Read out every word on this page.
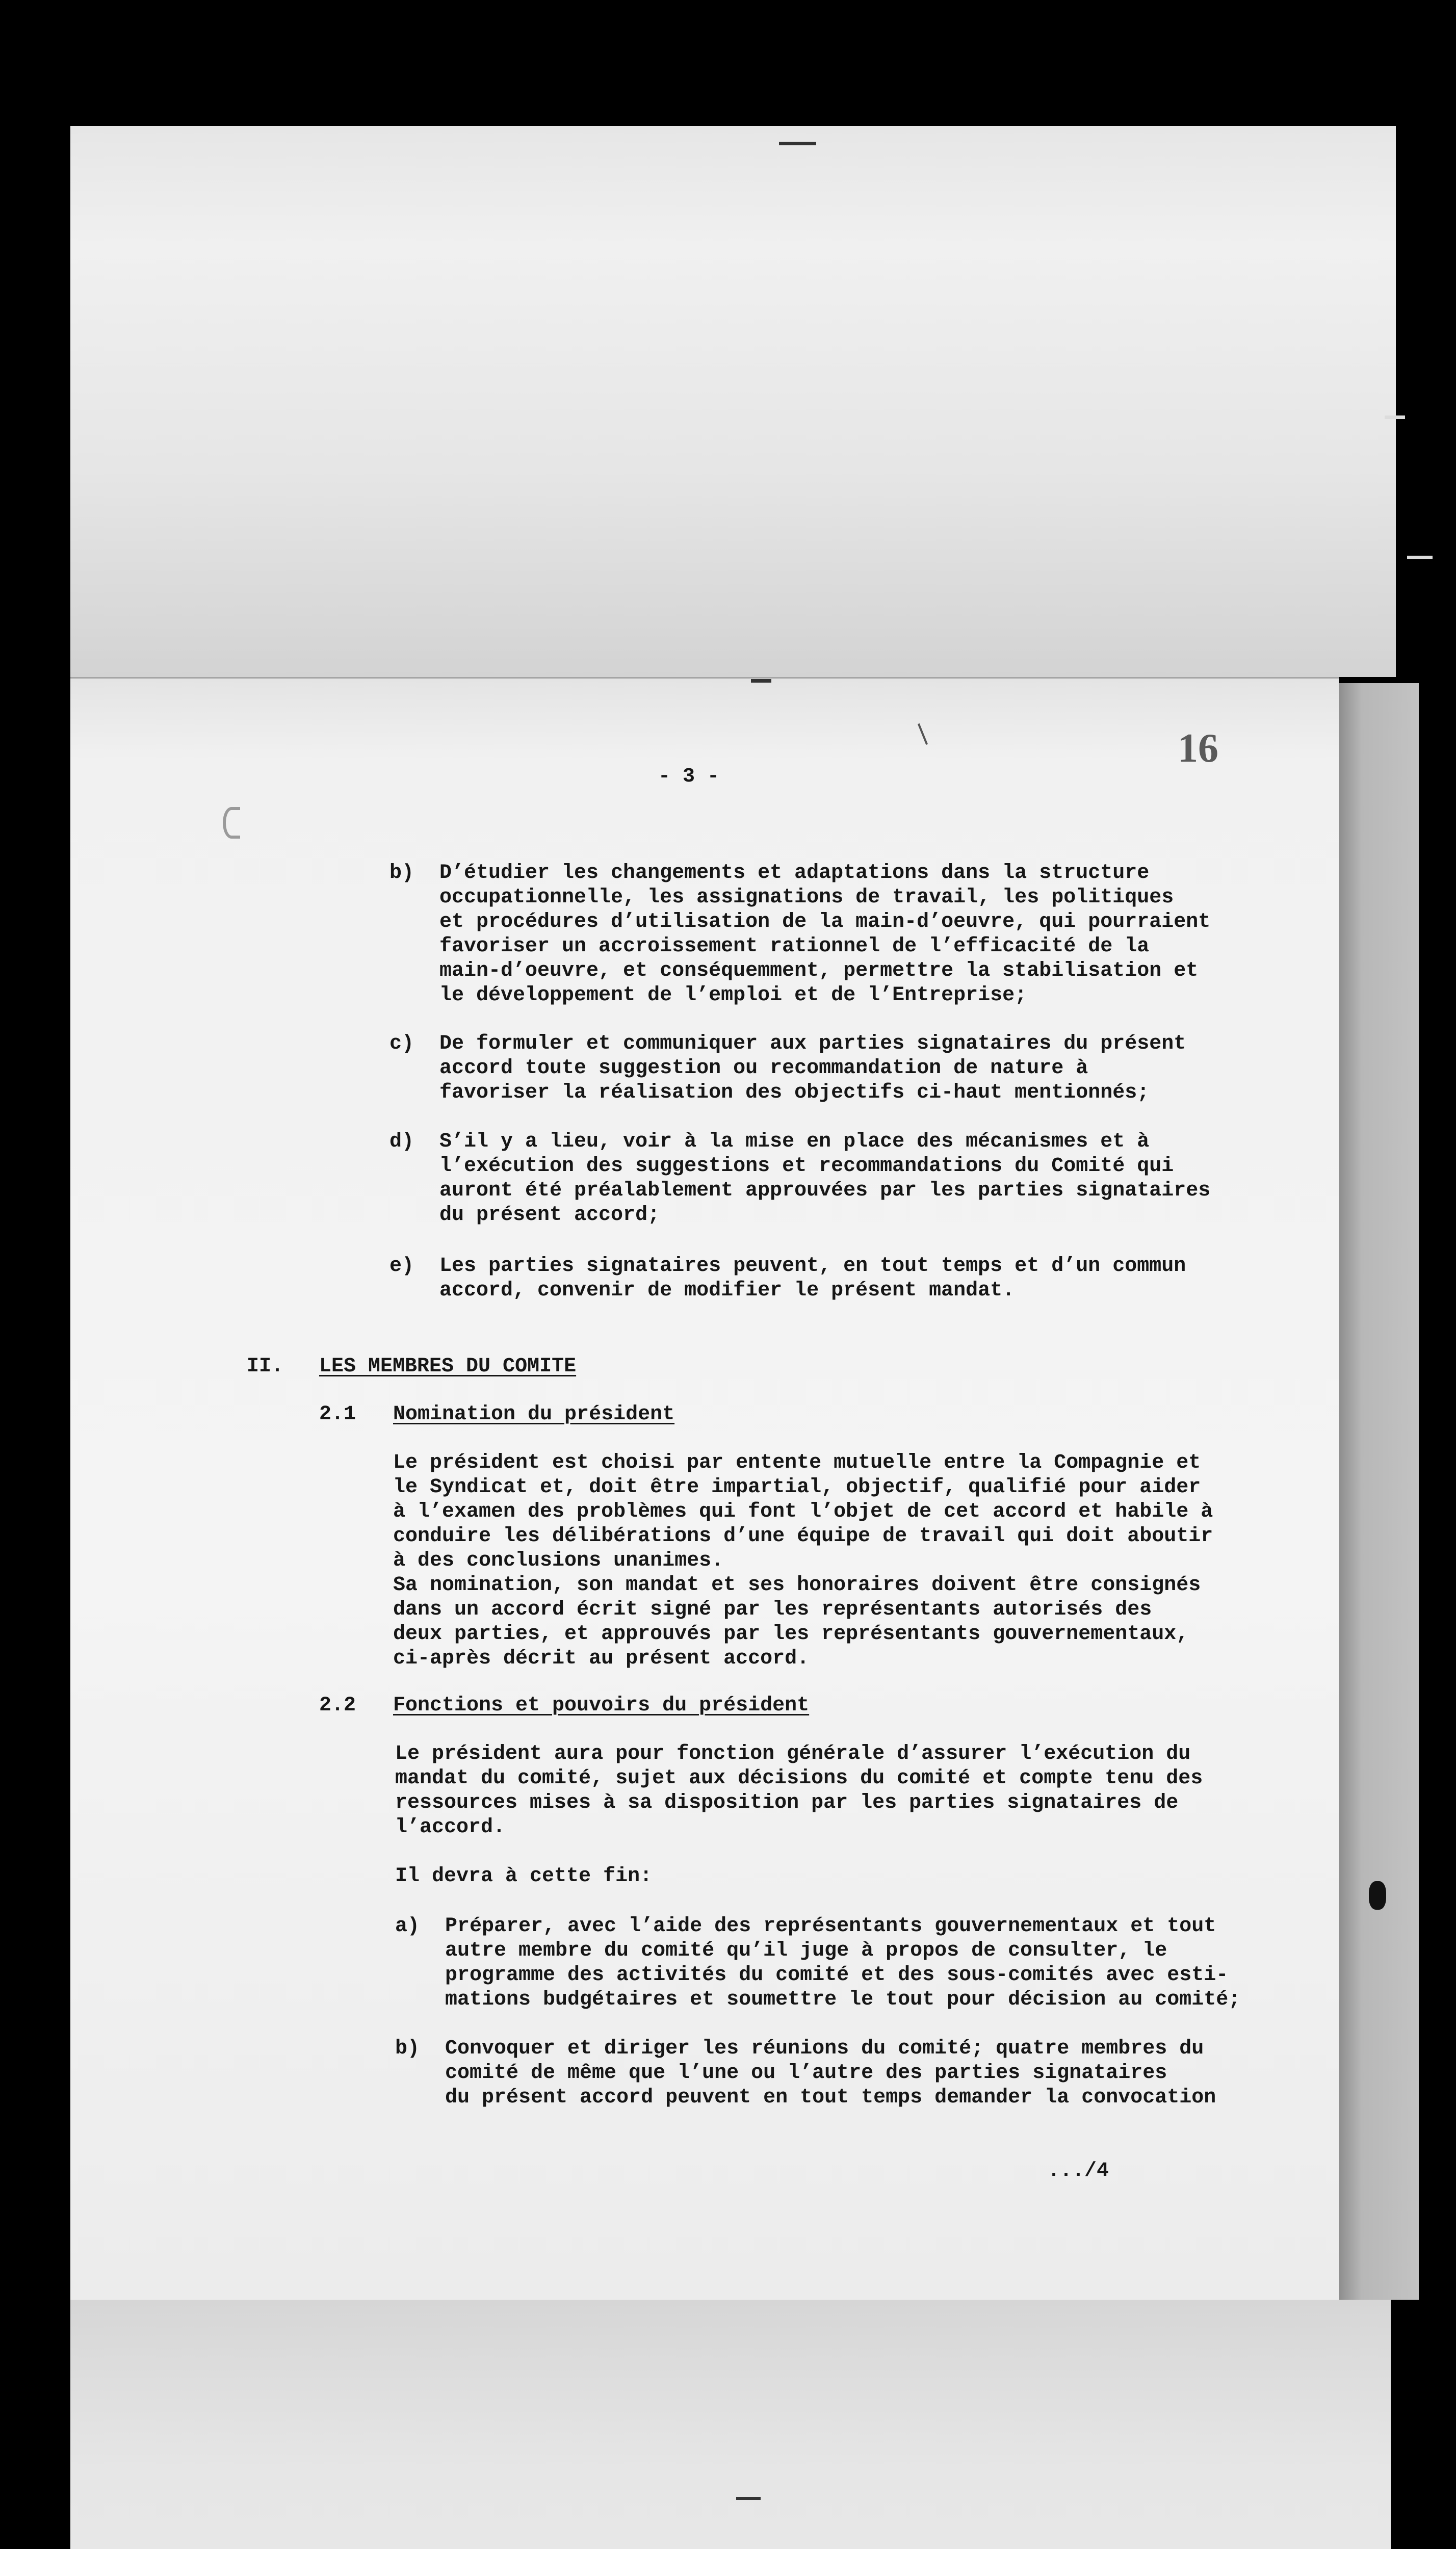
- 3 -
16
b) D’étudier les changements et adaptations dans la structure
occupationnelle, les assignations de travail, les politiques
et procédures d’utilisation de la main-d’oeuvre, qui pourraient
favoriser un accroissement rationnel de l’efficacité de la
main-d’oeuvre, et conséquemment, permettre la stabilisation et
le développement de l’emploi et de l’Entreprise;
c) De formuler et communiquer aux parties signataires du présent
accord toute suggestion ou recommandation de nature à
favoriser la réalisation des objectifs ci-haut mentionnés;
d) S’il y a lieu, voir à la mise en place des mécanismes et à
l’exécution des suggestions et recommandations du Comité qui
auront été préalablement approuvées par les parties signataires
du présent accord;
e) Les parties signataires peuvent, en tout temps et d’un commun
accord, convenir de modifier le présent mandat.
II. LES MEMBRES DU COMITE
2.1 Nomination du président
Le président est choisi par entente mutuelle entre la Compagnie et
le Syndicat et, doit être impartial, objectif, qualifié pour aider
à l’examen des problèmes qui font l’objet de cet accord et habile à
conduire les délibérations d’une équipe de travail qui doit aboutir
à des conclusions unanimes.
Sa nomination, son mandat et ses honoraires doivent être consignés
dans un accord écrit signé par les représentants autorisés des
deux parties, et approuvés par les représentants gouvernementaux,
ci-après décrit au présent accord.
2.2 Fonctions et pouvoirs du président
Le président aura pour fonction générale d’assurer l’exécution du
mandat du comité, sujet aux décisions du comité et compte tenu des
ressources mises à sa disposition par les parties signataires de
l’accord.
Il devra à cette fin:
a) Préparer, avec l’aide des représentants gouvernementaux et tout
autre membre du comité qu’il juge à propos de consulter, le
programme des activités du comité et des sous-comités avec esti-
mations budgétaires et soumettre le tout pour décision au comité;
b) Convoquer et diriger les réunions du comité; quatre membres du
comité de même que l’une ou l’autre des parties signataires
du présent accord peuvent en tout temps demander la convocation
.../4
